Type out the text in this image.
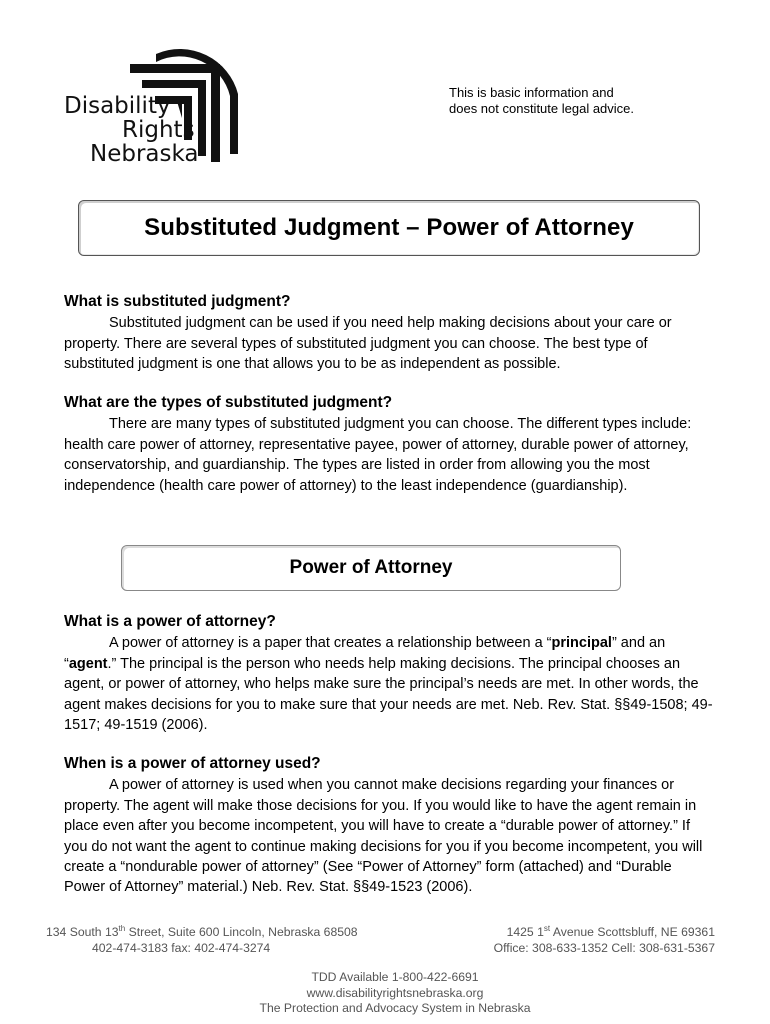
Disability
Rights
Nebraska
This is basic information and
does not constitute legal advice.
Substituted Judgment – Power of Attorney
What is substituted judgment?
Substituted judgment can be used if you need help making decisions about your care or property. There are several types of substituted judgment you can choose. The best type of substituted judgment is one that allows you to be as independent as possible.
What are the types of substituted judgment?
There are many types of substituted judgment you can choose. The different types include: health care power of attorney, representative payee, power of attorney, durable power of attorney, conservatorship, and guardianship. The types are listed in order from allowing you the most independence (health care power of attorney) to the least independence (guardianship).
Power of Attorney
What is a power of attorney?
A power of attorney is a paper that creates a relationship between a “principal” and an “agent.” The principal is the person who needs help making decisions. The principal chooses an agent, or power of attorney, who helps make sure the principal’s needs are met. In other words, the agent makes decisions for you to make sure that your needs are met. Neb. Rev. Stat. §§49-1508; 49-1517; 49-1519 (2006).
When is a power of attorney used?
A power of attorney is used when you cannot make decisions regarding your finances or property. The agent will make those decisions for you. If you would like to have the agent remain in place even after you become incompetent, you will have to create a “durable power of attorney.” If you do not want the agent to continue making decisions for you if you become incompetent, you will create a “nondurable power of attorney” (See “Power of Attorney” form (attached) and “Durable Power of Attorney” material.) Neb. Rev. Stat. §§49-1523 (2006).
134 South 13th Street, Suite 600 Lincoln, Nebraska 68508
402-474-3183 fax: 402-474-3274
1425 1st Avenue Scottsbluff, NE 69361
Office: 308-633-1352 Cell: 308-631-5367
TDD Available 1-800-422-6691
www.disabilityrightsnebraska.org
The Protection and Advocacy System in Nebraska
